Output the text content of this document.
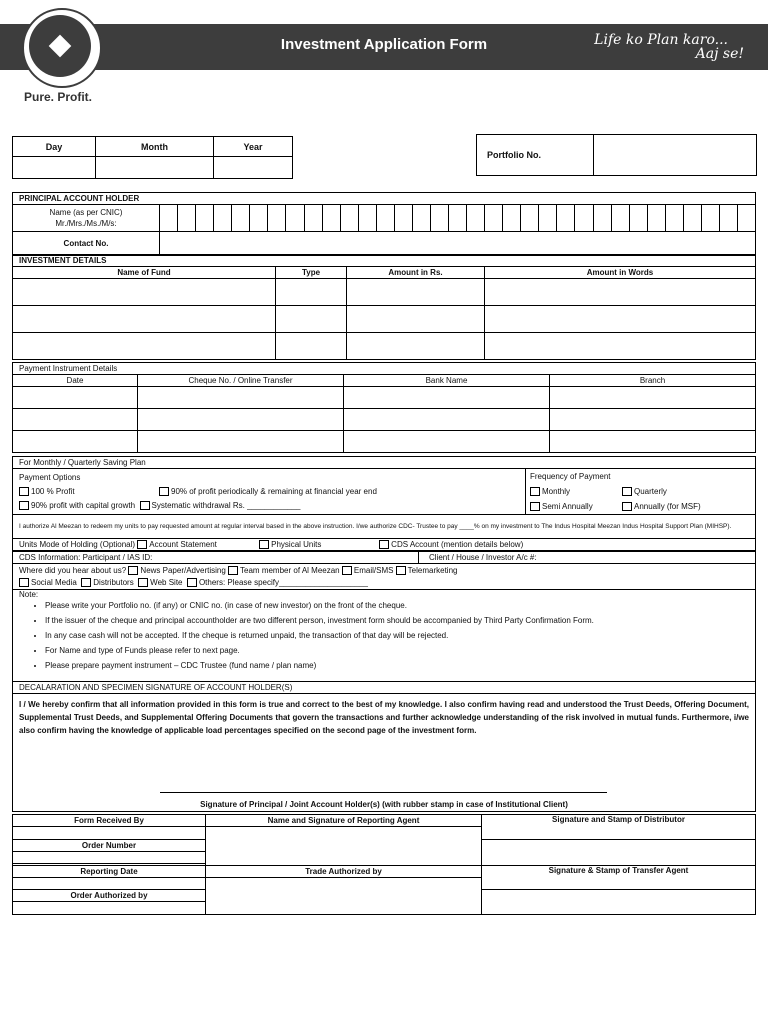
Investment Application Form	Life ko Plan karo...
Aaj se!
Pure. Profit.
Day	Month	Year

Portfolio No.	
PRINCIPAL ACCOUNT HOLDER	
Name (as per CNIC)
Mr./Mrs./Ms./M/s:	

Contact No.	
INVESTMENT DETAILS			
Name of Fund	Type	Amount in Rs.	Amount in Words

Payment Instrument Details			
Date	Cheque No. / Online Transfer	Bank Name	Branch

For Monthly / Quarterly Saving Plan

Payment Options
100 % Profit	90% of profit periodically & remaining at financial year end
90% profit with capital growth Systematic withdrawal Rs. ____________

Frequency of Payment
Monthly	Quarterly
Semi Annually	Annually (for MSF)

I authorize Al Meezan to redeem my units to pay requested amount at regular interval based in the above instruction. I/we authorize CDC- Trustee to pay ____% on my investment to The Indus Hospital Meezan Indus Hospital Support Plan (MIHSP).
Units Mode of Holding (Optional) Account Statement	Physical Units	CDS Account (mention details below)
CDS Information: Participant / IAS ID:	Client / House / Investor A/c #:

Where did you hear about us? News Paper/Advertising Team member of Al Meezan Email/SMS Telemarketing
Social Media Distributors Web Site Others: Please specify____________________

Note:
• Please write your Portfolio no. (if any) or CNIC no. (in case of new investor) on the front of the cheque.
• If the issuer of the cheque and principal accountholder are two different person, investment form should be accompanied by Third Party Confirmation Form.
• In any case cash will not be accepted. If the cheque is returned unpaid, the transaction of that day will be rejected.
• For Name and type of Funds please refer to next page.
• Please prepare payment instrument – CDC Trustee (fund name / plan name)

DECALARATION AND SPECIMEN SIGNATURE OF ACCOUNT HOLDER(S)
I / We hereby confirm that all information provided in this form is true and correct to the best of my knowledge. I also confirm having read and understood the Trust Deeds, Offering Document, Supplemental Trust Deeds, and Supplemental Offering Documents that govern the transactions and further acknowledge understanding of the risk involved in mutual funds. Furthermore, i/we also confirm having the knowledge of applicable load percentages specified on the second page of the investment form.
Signature of Principal / Joint Account Holder(s) (with rubber stamp in case of Institutional Client)
Form Received By	Name and Signature of Reporting Agent	Signature and Stamp of Distributor

Order Number		

Reporting Date	Trade Authorized by	Signature & Stamp of Transfer Agent

Order Authorized by		
